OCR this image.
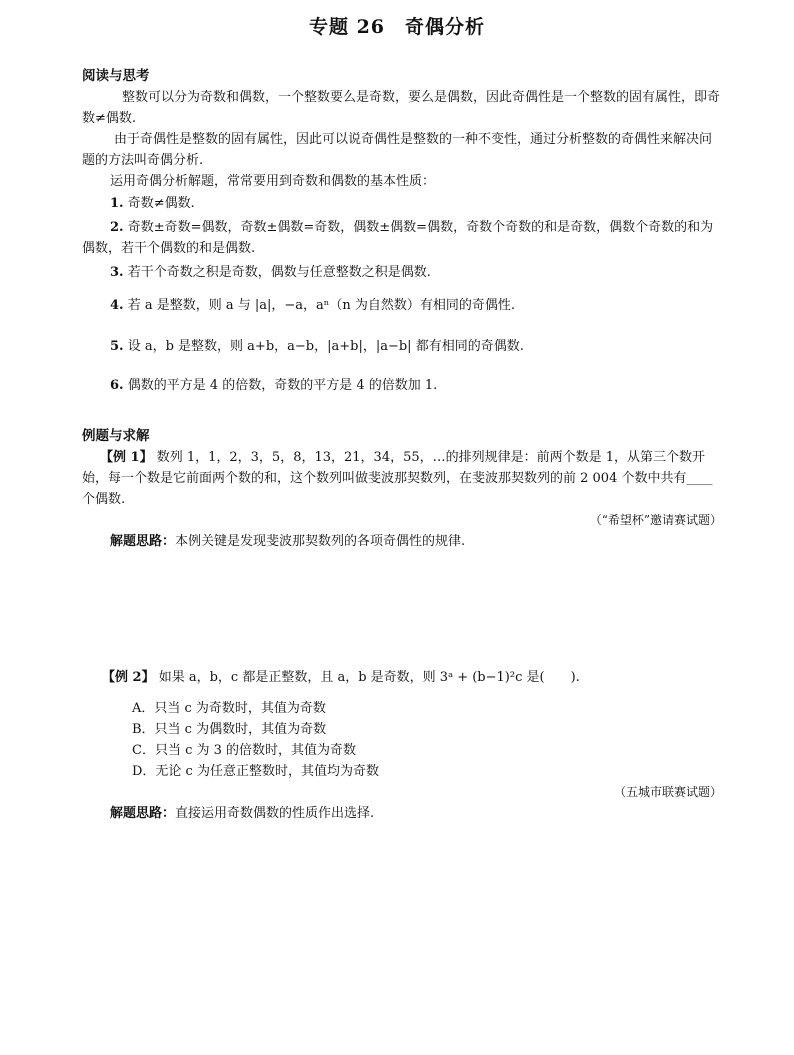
专题 26　奇偶分析
阅读与思考
整数可以分为奇数和偶数，一个整数要么是奇数，要么是偶数，因此奇偶性是一个整数的固有属性，即奇数≠偶数.
由于奇偶性是整数的固有属性，因此可以说奇偶性是整数的一种不变性，通过分析整数的奇偶性来解决问题的方法叫奇偶分析.
运用奇偶分析解题，常常要用到奇数和偶数的基本性质：
1. 奇数≠偶数.
2. 奇数±奇数=偶数，奇数±偶数=奇数，偶数±偶数=偶数，奇数个奇数的和是奇数，偶数个奇数的和为偶数，若干个偶数的和是偶数.
3. 若干个奇数之积是奇数，偶数与任意整数之积是偶数.
4. 若 a 是整数，则 a 与 |a|，−a，aⁿ（n 为自然数）有相同的奇偶性.
5. 设 a，b 是整数，则 a+b，a−b，|a+b|，|a−b| 都有相同的奇偶数.
6. 偶数的平方是 4 的倍数，奇数的平方是 4 的倍数加 1.
例题与求解
【例 1】 数列 1，1，2，3，5，8，13，21，34，55，…的排列规律是：前两个数是 1，从第三个数开始，每一个数是它前面两个数的和，这个数列叫做斐波那契数列，在斐波那契数列的前 2 004 个数中共有____个偶数.
（“希望杯”邀请赛试题）
解题思路：本例关键是发现斐波那契数列的各项奇偶性的规律.
【例 2】 如果 a，b，c 都是正整数，且 a，b 是奇数，则 3ᵃ + (b−1)²c 是(　　).
A．只当 c 为奇数时，其值为奇数
B．只当 c 为偶数时，其值为奇数
C．只当 c 为 3 的倍数时，其值为奇数
D．无论 c 为任意正整数时，其值均为奇数
（五城市联赛试题）
解题思路：直接运用奇数偶数的性质作出选择.
